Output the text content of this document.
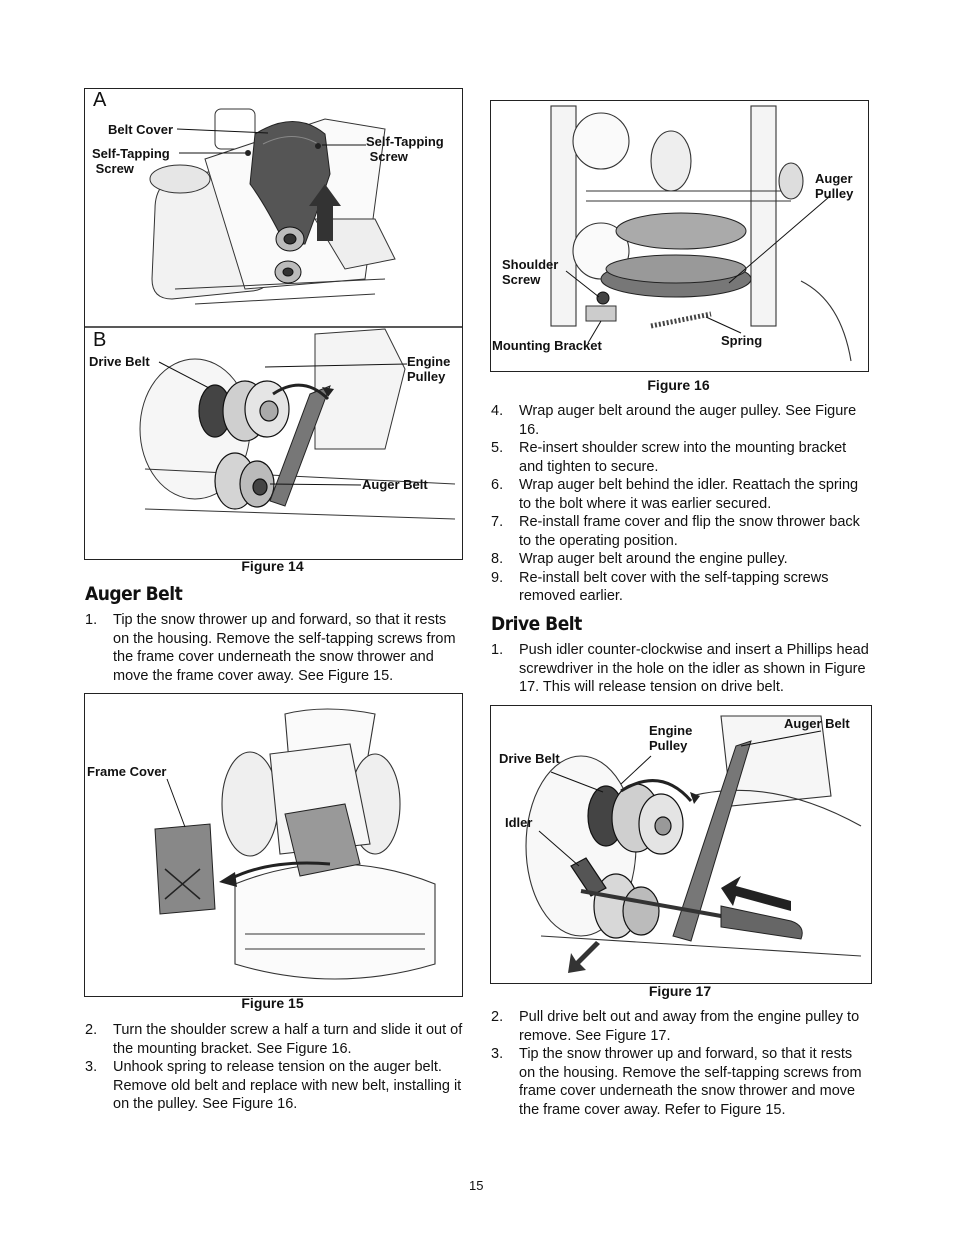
A
B
Belt Cover
Self-Tapping
Screw
Self-Tapping
Screw
Drive Belt	Engine
Pulley
Auger Belt
Figure 14
Auger Belt
1. Tip the snow thrower up and forward, so that it rests on the housing. Remove the self-tapping screws from the frame cover underneath the snow thrower and move the frame cover away. See Figure 15.
Frame Cover
Figure 15
2. Turn the shoulder screw a half a turn and slide it out of the mounting bracket. See Figure 16.
3. Unhook spring to release tension on the auger belt. Remove old belt and replace with new belt, installing it on the pulley. See Figure 16.
Auger
Pulley
Shoulder
Screw
Mounting Bracket	Spring
Figure 16
4. Wrap auger belt around the auger pulley. See Figure 16.
5. Re-insert shoulder screw into the mounting bracket and tighten to secure.
6. Wrap auger belt behind the idler. Reattach the spring to the bolt where it was earlier secured.
7. Re-install frame cover and flip the snow thrower back to the operating position.
8. Wrap auger belt around the engine pulley.
9. Re-install belt cover with the self-tapping screws removed earlier.
Drive Belt
1. Push idler counter-clockwise and insert a Phillips head screwdriver in the hole on the idler as shown in Figure 17. This will release tension on drive belt.
Engine
Pulley
Auger Belt
Drive Belt
Idler
Figure 17
2. Pull drive belt out and away from the engine pulley to remove. See Figure 17.
3. Tip the snow thrower up and forward, so that it rests on the housing. Remove the self-tapping screws from frame cover underneath the snow thrower and move the frame cover away. Refer to Figure 15.
15
